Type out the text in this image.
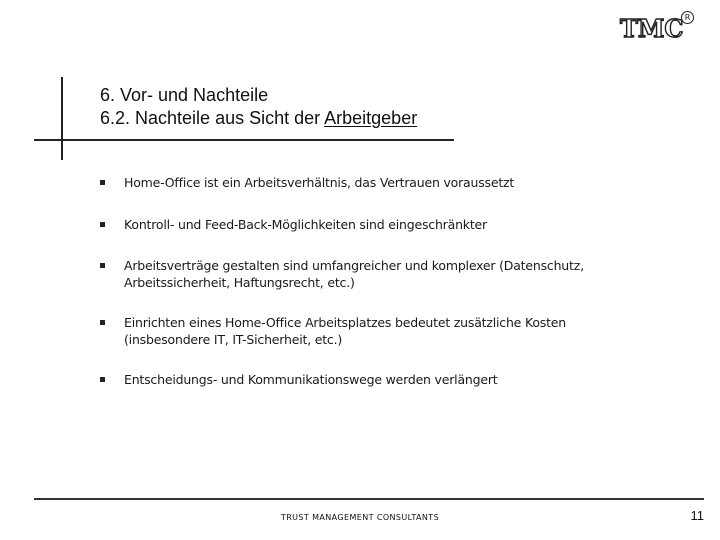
TMC R
6. Vor- und Nachteile
6.2. Nachteile aus Sicht der Arbeitgeber
Home-Office ist ein Arbeitsverhältnis, das Vertrauen voraussetzt
Kontroll- und Feed-Back-Möglichkeiten sind eingeschränkter
Arbeitsverträge gestalten sind umfangreicher und komplexer (Datenschutz,
Arbeitssicherheit, Haftungsrecht, etc.)
Einrichten eines Home-Office Arbeitsplatzes bedeutet zusätzliche Kosten
(insbesondere IT, IT-Sicherheit, etc.)
Entscheidungs- und Kommunikationswege werden verlängert
TRUST MANAGEMENT CONSULTANTS	11
